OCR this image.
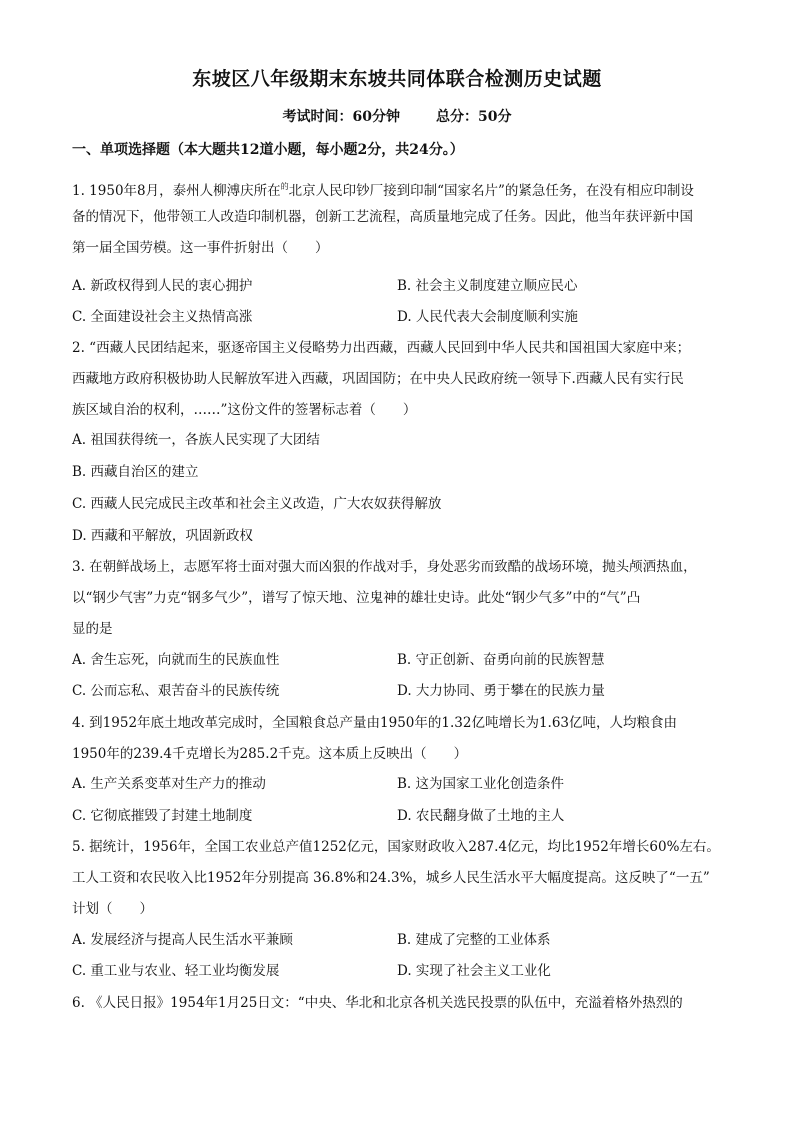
东坡区八年级期末东坡共同体联合检测历史试题
考试时间：60分钟	总分：50分
一、单项选择题（本大题共12道小题，每小题2分，共24分。）
1. 1950年8月，泰州人柳溥庆所在$^的$北京人民印钞厂接到印制“国家名片”的紧急任务，在没有相应印制设
备的情况下，他带领工人改造印制机器，创新工艺流程，高质量地完成了任务。因此，他当年获评新中国
第一届全国劳模。这一事件折射出（　　）
A. 新政权得到人民的衷心拥护	B. 社会主义制度建立顺应民心
C. 全面建设社会主义热情高涨	D. 人民代表大会制度顺利实施
2. “西藏人民团结起来，驱逐帝国主义侵略势力出西藏，西藏人民回到中华人民共和国祖国大家庭中来；
西藏地方政府积极协助人民解放军进入西藏，巩固国防；在中央人民政府统一领导下.西藏人民有实行民
族区域自治的权利，……”这份文件的签署标志着（　　）
A. 祖国获得统一，各族人民实现了大团结
B. 西藏自治区的建立
C. 西藏人民完成民主改革和社会主义改造，广大农奴获得解放
D. 西藏和平解放，巩固新政权
3. 在朝鲜战场上，志愿军将士面对强大而凶狠的作战对手，身处恶劣而致酷的战场环境，抛头颅洒热血，
以“钢少气害”力克“钢多气少”，谱写了惊天地、泣鬼神的雄壮史诗。此处“钢少气多”中的“气”凸
显的是
A. 舍生忘死，向就而生的民族血性	B. 守正创新、奋勇向前的民族智慧
C. 公而忘私、艰苦奋斗的民族传统	D. 大力协同、勇于攀在的民族力量
4. 到1952年底土地改革完成时，全国粮食总产量由1950年的1.32亿吨增长为1.63亿吨，人均粮食由
1950年的239.4千克增长为285.2千克。这本质上反映出（　　）
A. 生产关系变革对生产力的推动	B. 这为国家工业化创造条件
C. 它彻底摧毁了封建土地制度	D. 农民翻身做了土地的主人
5. 据统计，1956年，全国工农业总产值1252亿元，国家财政收入287.4亿元，均比1952年增长60%左右。
工人工资和农民收入比1952年分别提高 36.8%和24.3%，城乡人民生活水平大幅度提高。这反映了“一五”
计划（　　）
A. 发展经济与提高人民生活水平兼顾	B. 建成了完整的工业体系
C. 重工业与农业、轻工业均衡发展	D. 实现了社会主义工业化
6. 《人民日报》1954年1月25日文：“中央、华北和北京各机关选民投票的队伍中，充溢着格外热烈的
